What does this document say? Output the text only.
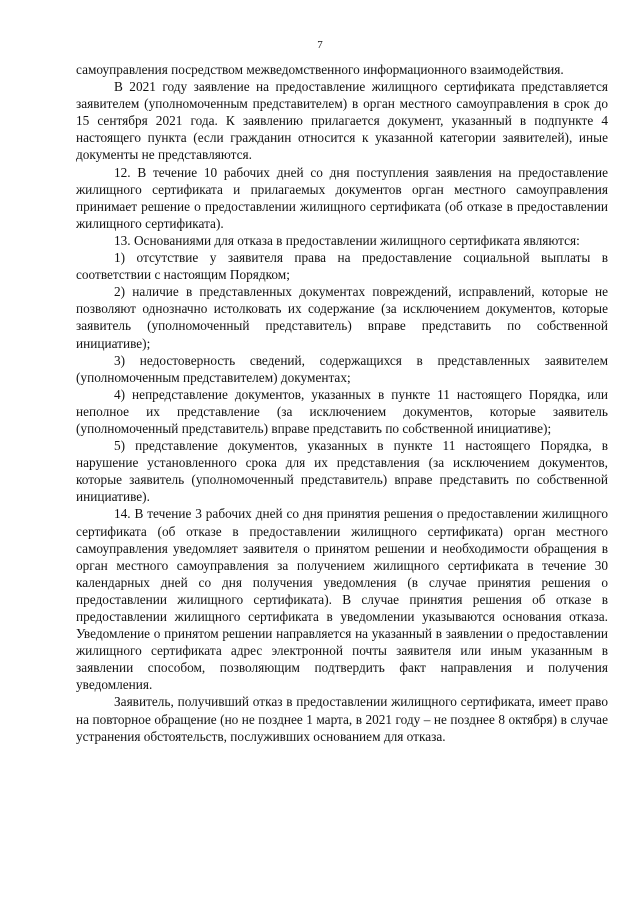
7

самоуправления посредством межведомственного информационного взаимодействия.

В 2021 году заявление на предоставление жилищного сертификата представляется заявителем (уполномоченным представителем) в орган местного самоуправления в срок до 15 сентября 2021 года. К заявлению прилагается документ, указанный в подпункте 4 настоящего пункта (если гражданин относится к указанной категории заявителей), иные документы не представляются.

12. В течение 10 рабочих дней со дня поступления заявления на предоставление жилищного сертификата и прилагаемых документов орган местного самоуправления принимает решение о предоставлении жилищного сертификата (об отказе в предоставлении жилищного сертификата).

13. Основаниями для отказа в предоставлении жилищного сертификата являются:

1) отсутствие у заявителя права на предоставление социальной выплаты в соответствии с настоящим Порядком;

2) наличие в представленных документах повреждений, исправлений, которые не позволяют однозначно истолковать их содержание (за исключением документов, которые заявитель (уполномоченный представитель) вправе представить по собственной инициативе);

3) недостоверность сведений, содержащихся в представленных заявителем (уполномоченным представителем) документах;

4) непредставление документов, указанных в пункте 11 настоящего Порядка, или неполное их представление (за исключением документов, которые заявитель (уполномоченный представитель) вправе представить по собственной инициативе);

5) представление документов, указанных в пункте 11 настоящего Порядка, в нарушение установленного срока для их представления (за исключением документов, которые заявитель (уполномоченный представитель) вправе представить по собственной инициативе).

14. В течение 3 рабочих дней со дня принятия решения о предоставлении жилищного сертификата (об отказе в предоставлении жилищного сертификата) орган местного самоуправления уведомляет заявителя о принятом решении и необходимости обращения в орган местного самоуправления за получением жилищного сертификата в течение 30 календарных дней со дня получения уведомления (в случае принятия решения о предоставлении жилищного сертификата). В случае принятия решения об отказе в предоставлении жилищного сертификата в уведомлении указываются основания отказа. Уведомление о принятом решении направляется на указанный в заявлении о предоставлении жилищного сертификата адрес электронной почты заявителя или иным указанным в заявлении способом, позволяющим подтвердить факт направления и получения уведомления.

Заявитель, получивший отказ в предоставлении жилищного сертификата, имеет право на повторное обращение (но не позднее 1 марта, в 2021 году – не позднее 8 октября) в случае устранения обстоятельств, послуживших основанием для отказа.
